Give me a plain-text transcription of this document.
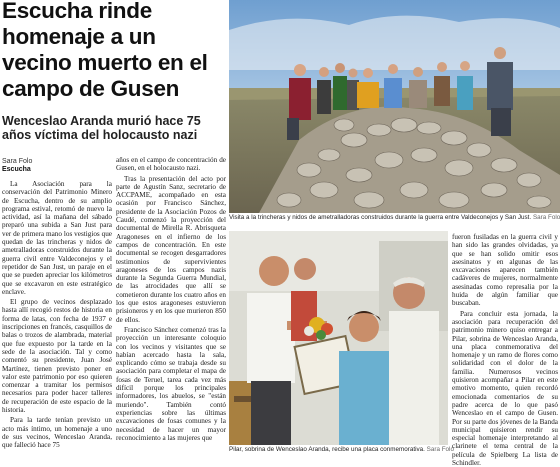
Escucha rinde homenaje a un vecino muerto en el campo de Gusen
Wenceslao Aranda murió hace 75 años víctima del holocausto nazi
Sara Folo
Escucha

La Asociación para la conservación del Patrimonio Minero de Escucha, dentro de su amplio programa estival, retomó de nuevo la actividad, así la mañana del sábado preparó una subida a San Just para ver de primera mano los vestigios que quedan de las trincheras y nidos de ametralladoras construidos durante la guerra civil entre Valdeconejos y el repetidor de San Just, un paraje en el que se pueden apreciar los kilómetros que se excavaron en este estratégico enclave.

El grupo de vecinos desplazado hasta allí recogió restos de historia en forma de latas, con fecha de 1937 e inscripciones en francés, casquillos de balas o trozos de alambrada, material que fue expuesto por la tarde en la sede de la asociación. Tal y como comentó su presidente, Juan José Martínez, tienen previsto poner en valor este patrimonio por eso quieren comenzar a tramitar los permisos necesarios para poder hacer talleres de recuperación de este espacio de la historia.

Para la tarde tenían previsto un acto más íntimo, un homenaje a uno de sus vecinos, Wenceslao Aranda, que falleció hace 75

años en el campo de concentración de Gusen, en el holocausto nazi.

Tras la presentación del acto por parte de Agustín Sanz, secretario de ACCPAME, acompañado en esta ocasión por Francisco Sánchez, presidente de la Asociación Pozos de Caudé, comenzó la proyección del documental de Mirella R. Abrisqueta Aragoneses en el infierno de los campos de concentración. En este documental se recogen desgarradores testimonios de supervivientes aragoneses de los campos nazis durante la Segunda Guerra Mundial, de las atrocidades que allí se cometieron durante los cuatro años en los que estos aragoneses estuvieron prisioneros y en los que murieron 850 de ellos.

Francisco Sánchez comenzó tras la proyección un interesante coloquio con los vecinos y visitantes que se habían acercado hasta la sala, explicando cómo se trabaja desde su asociación para completar el mapa de fosas de Teruel, tarea cada vez más difícil porque los principales informadores, los abuelos, se "están muriendo". También contó experiencias sobre las últimas excavaciones de fosas comunes y la necesidad de hacer un mayor reconocimiento a las mujeres que

Visita a la trincheras y nidos de ametralladoras construidos durante la guerra entre Valdeconejos y San Just. Sara Folo
Pilar, sobrina de Wenceslao Aranda, recibe una placa conmemorativa. Sara Folo

fueron fusiladas en la guerra civil y han sido las grandes olvidadas, ya que se han solido omitir esos asesinatos y en algunas de las excavaciones aparecen también cadáveres de mujeres, normalmente asesinadas como represalia por la huida de algún familiar que buscaban.

Para concluir esta jornada, la asociación para recuperación del patrimonio minero quiso entregar a Pilar, sobrina de Wenceslao Aranda, una placa conmemorativa del homenaje y un ramo de flores como solidaridad con el dolor de la familia. Numerosos vecinos quisieron acompañar a Pilar en este emotivo momento, quien recordó emocionada comentarios de su padre acerca de lo que pasó Wenceslao en el campo de Gusen. Por su parte dos jóvenes de la Banda municipal quisieron rendir su especial homenaje interpretando al clarinete el tema central de la película de Spielberg La lista de Schindler.
